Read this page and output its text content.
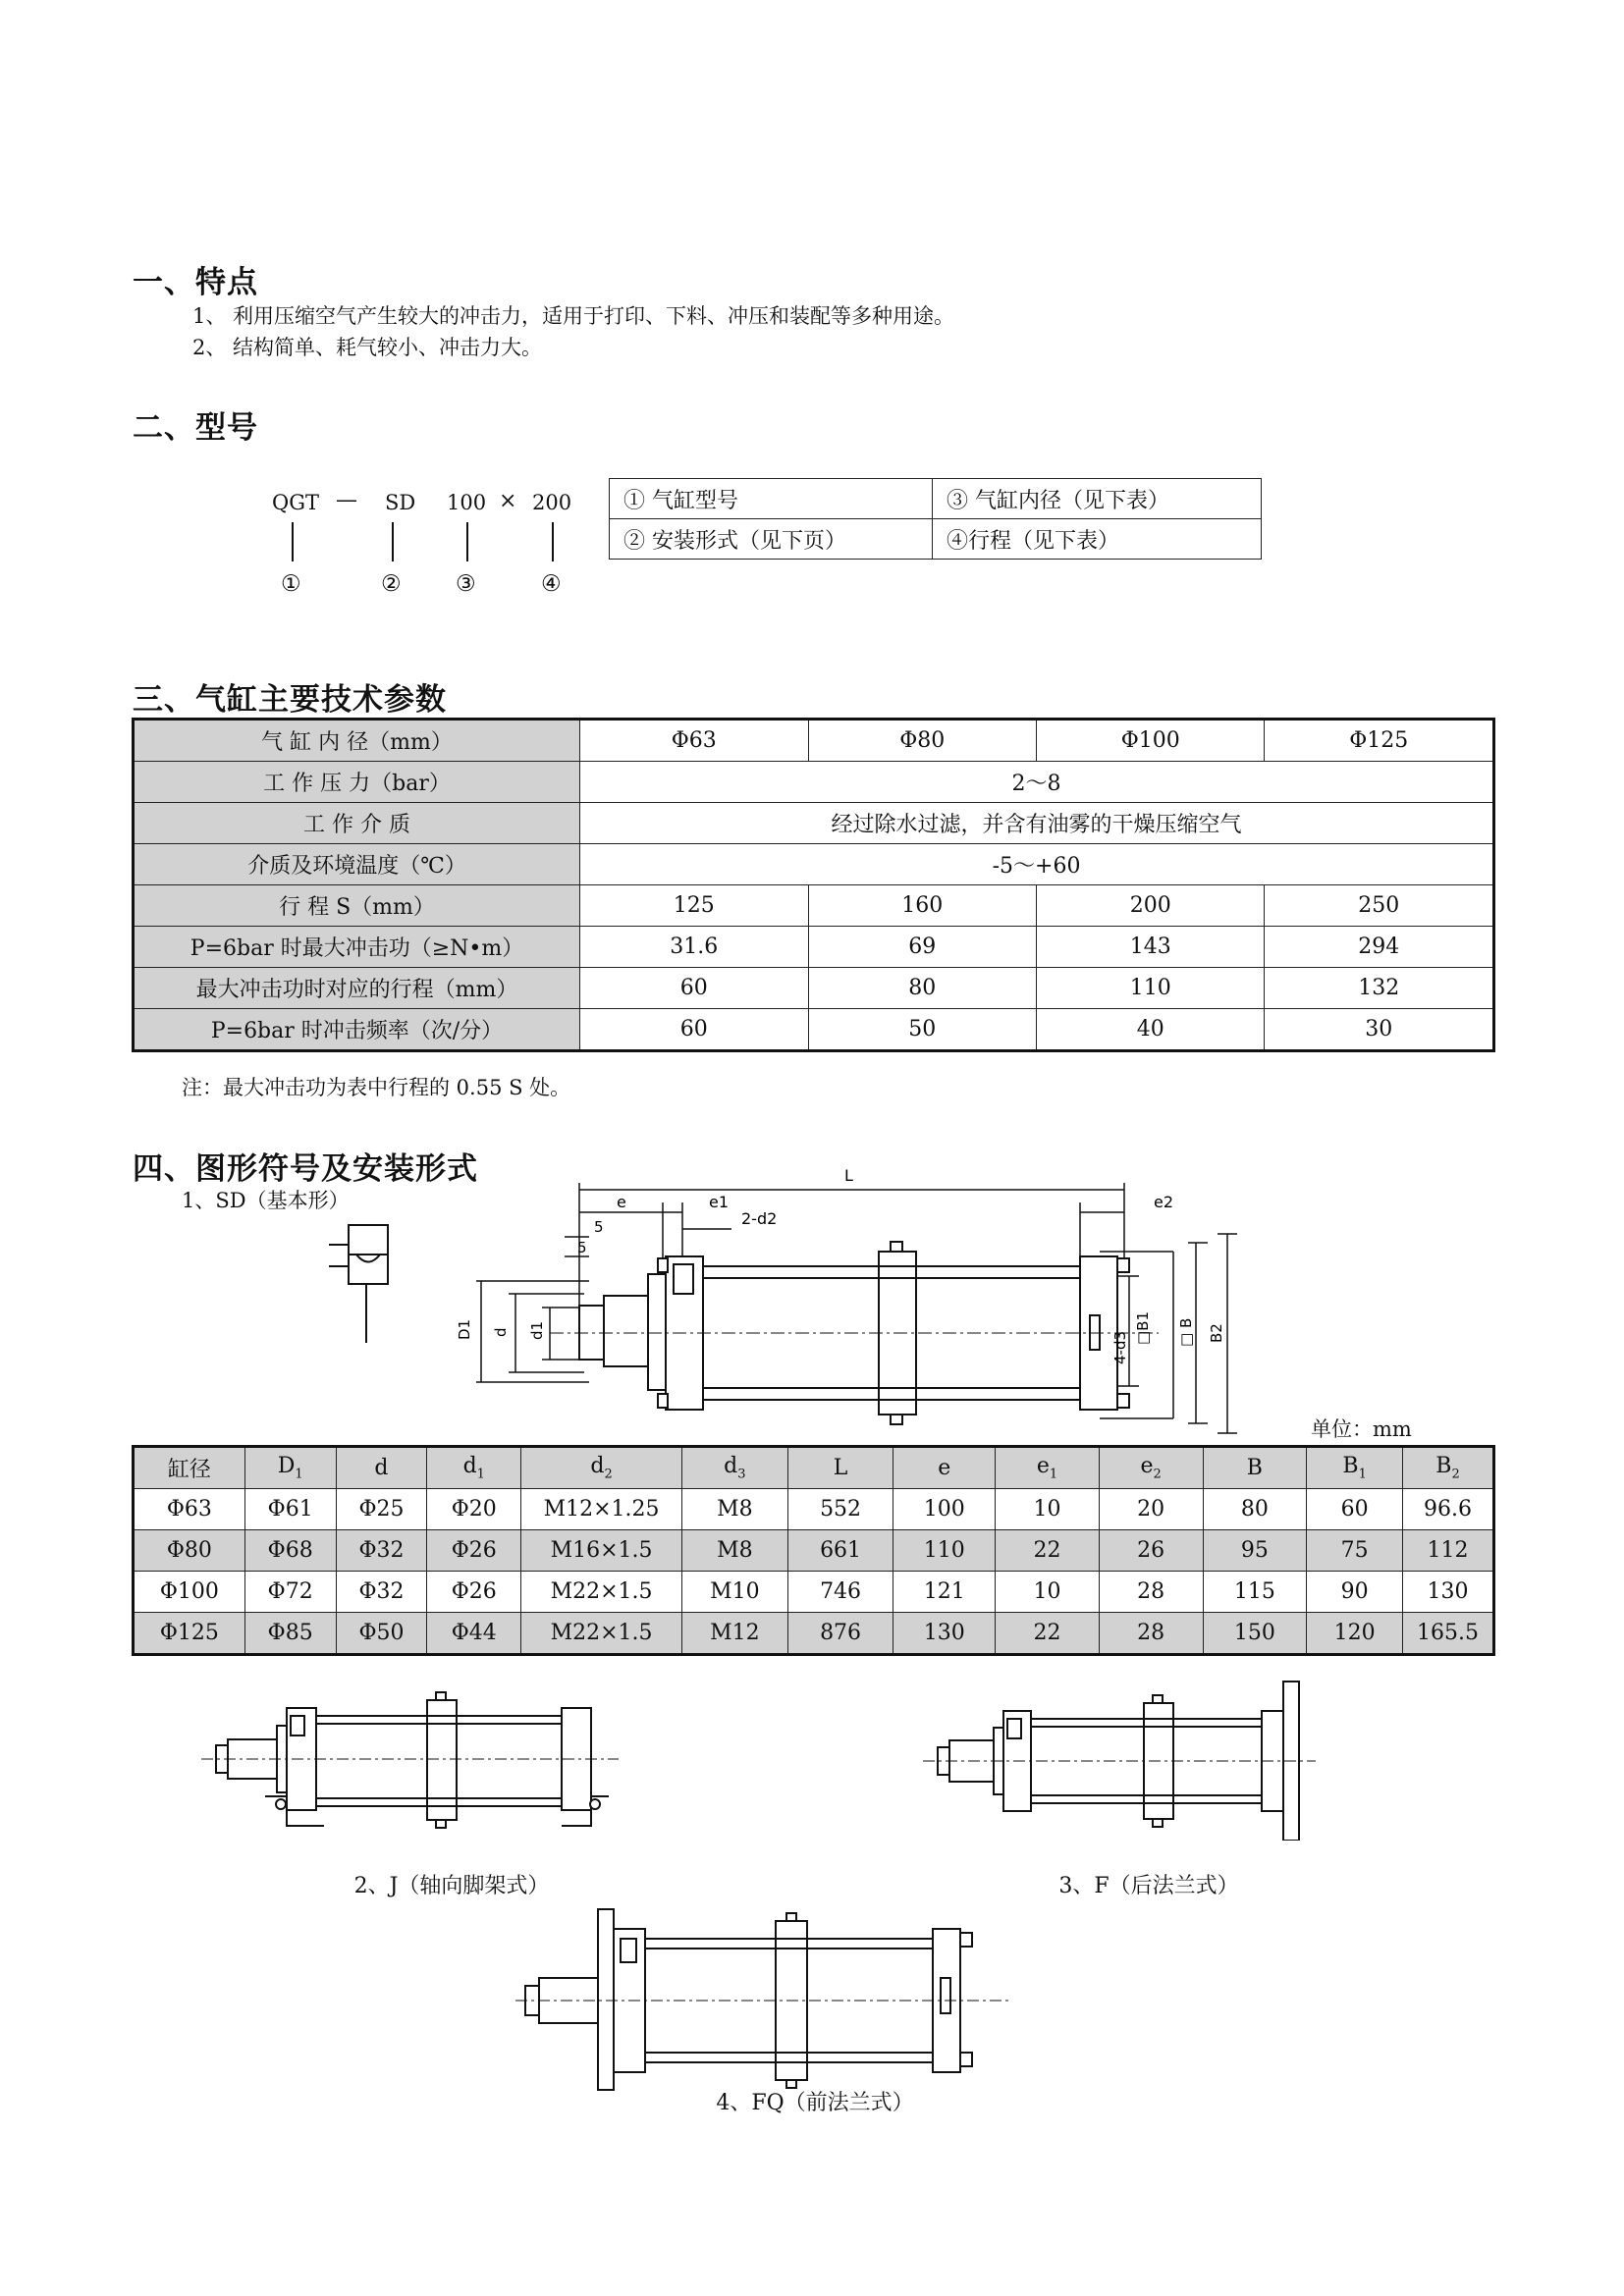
一、特点
1、 利用压缩空气产生较大的冲击力，适用于打印、下料、冲压和装配等多种用途。
2、 结构简单、耗气较小、冲击力大。
二、型号
QGT — SD 100 × 200
①	② ③	④
① 气缸型号	③ 气缸内径（见下表）
② 安装形式（见下页）	④行程（见下表）
三、气缸主要技术参数
气 缸 内 径（mm）	Φ63	Φ80	Φ100	Φ125
工 作 压 力（bar）	2～8			
工 作 介 质	经过除水过滤，并含有油雾的干燥压缩空气			
介质及环境温度（℃）	-5～+60			
行 程 S（mm）	125	160	200	250
P=6bar 时最大冲击功（≥N•m）	31.6	69	143	294
最大冲击功时对应的行程（mm）	60	80	110	132
P=6bar 时冲击频率（次/分）	60	50	40	30
注：最大冲击功为表中行程的 0.55 S 处。
四、图形符号及安装形式
1、SD（基本形）
L
e	e1
2-d2
5
5
e2
D1 d d1
4-d3
□B1 □ B B2
单位：mm
缸径	$D_1$	d	$d_1$	$d_2$	$d_3$	L	e	$e_1$	$e_2$	B	$B_1$	$B_2$
Φ63	Φ61	Φ25	Φ20	M12×1.25	M8	552	100	10	20	80	60	96.6
Φ80	Φ68	Φ32	Φ26	M16×1.5	M8	661	110	22	26	95	75	112
Φ100	Φ72	Φ32	Φ26	M22×1.5	M10	746	121	10	28	115	90	130
Φ125	Φ85	Φ50	Φ44	M22×1.5	M12	876	130	22	28	150	120	165.5
2、J（轴向脚架式）	3、F（后法兰式）
4、FQ（前法兰式）
